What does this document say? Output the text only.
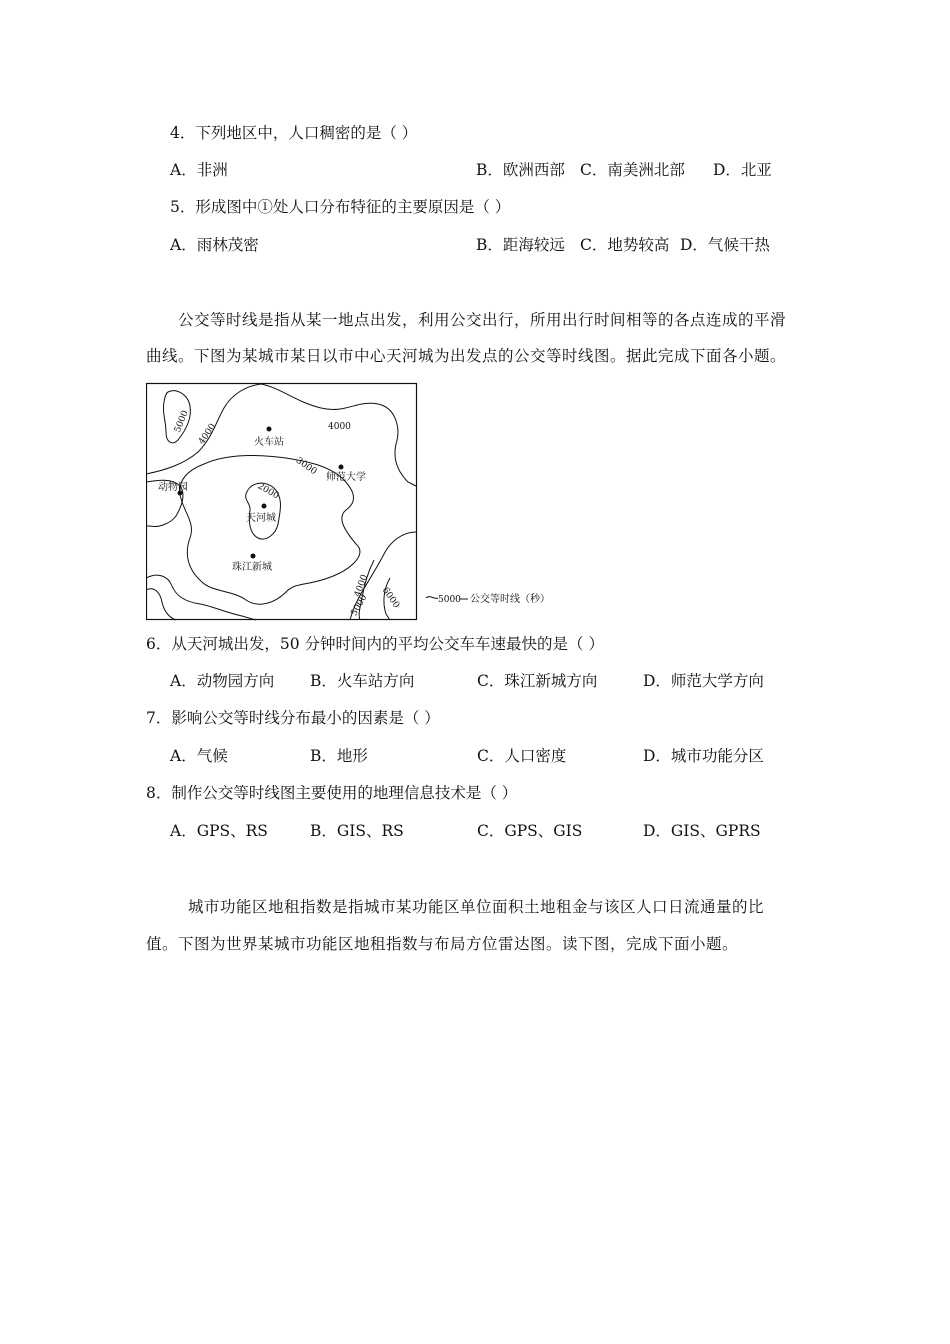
4．下列地区中，人口稠密的是（ ）
A．非洲	B．欧洲西部 C．南美洲北部 D．北亚
5．形成图中①处人口分布特征的主要原因是（ ）
A．雨林茂密	B．距海较远 C．地势较高 D．气候干热
公交等时线是指从某一地点出发，利用公交出行，所用出行时间相等的各点连成的平滑
曲线。下图为某城市某日以市中心天河城为出发点的公交等时线图。据此完成下面各小题。
火车站
师范大学
动物园
天河城
珠江新城
5000
4000	4000
3000
2000
4000
5000 6000	5000 公交等时线（秒）
6．从天河城出发，50 分钟时间内的平均公交车车速最快的是（ ）
A．动物园方向 B．火车站方向	C．珠江新城方向	D．师范大学方向
7．影响公交等时线分布最小的因素是（ ）
A．气候	B．地形	C．人口密度	D．城市功能分区
8．制作公交等时线图主要使用的地理信息技术是（ ）
A．GPS、RS	B．GIS、RS	C．GPS、GIS	D．GIS、GPRS
城市功能区地租指数是指城市某功能区单位面积土地租金与该区人口日流通量的比
值。下图为世界某城市功能区地租指数与布局方位雷达图。读下图，完成下面小题。
